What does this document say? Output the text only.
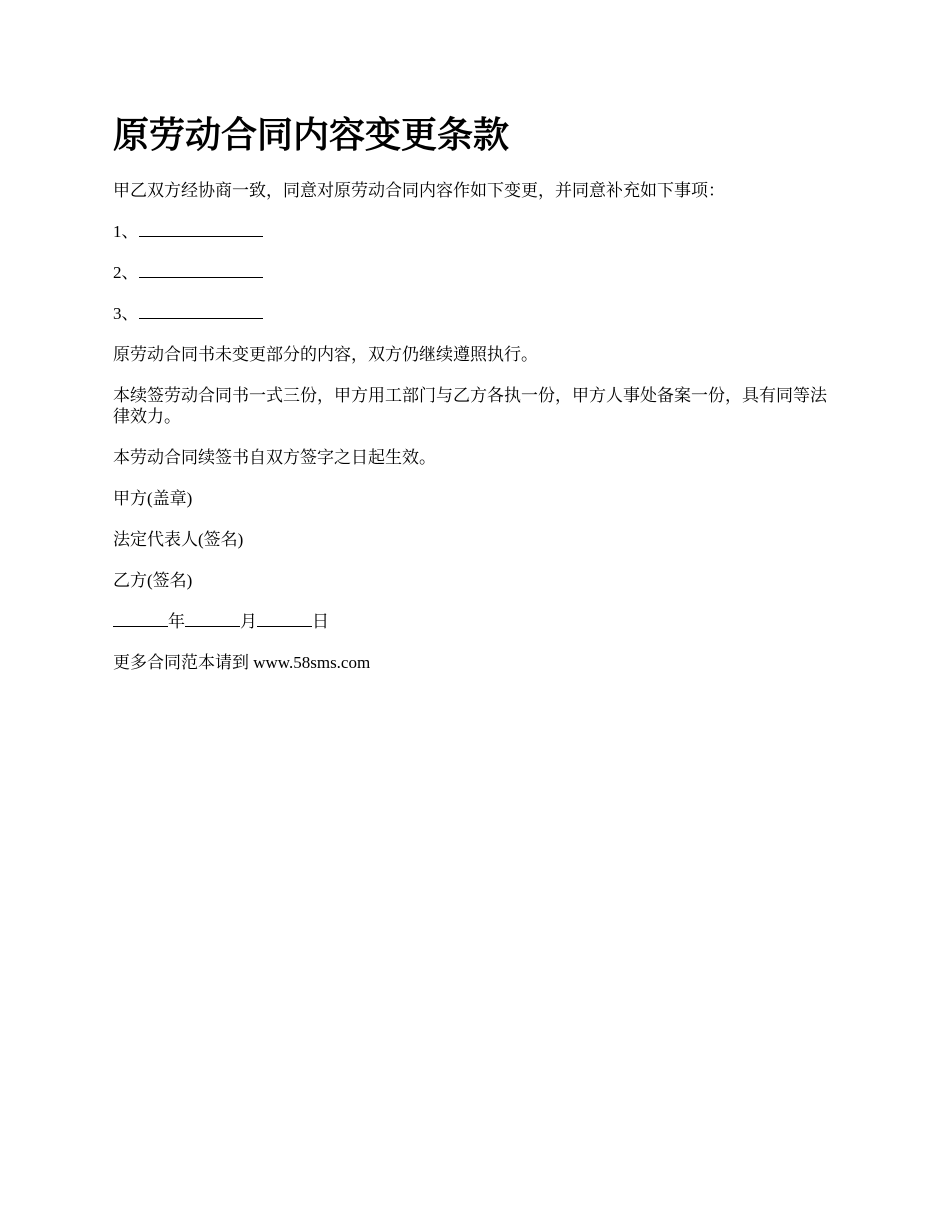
原劳动合同内容变更条款

甲乙双方经协商一致，同意对原劳动合同内容作如下变更，并同意补充如下事项：

1、

2、

3、

原劳动合同书未变更部分的内容，双方仍继续遵照执行。

本续签劳动合同书一式三份，甲方用工部门与乙方各执一份，甲方人事处备案一份，具有同等法律效力。

本劳动合同续签书自双方签字之日起生效。

甲方(盖章)

法定代表人(签名)

乙方(签名)

年	月	日

更多合同范本请到 www.58sms.com
